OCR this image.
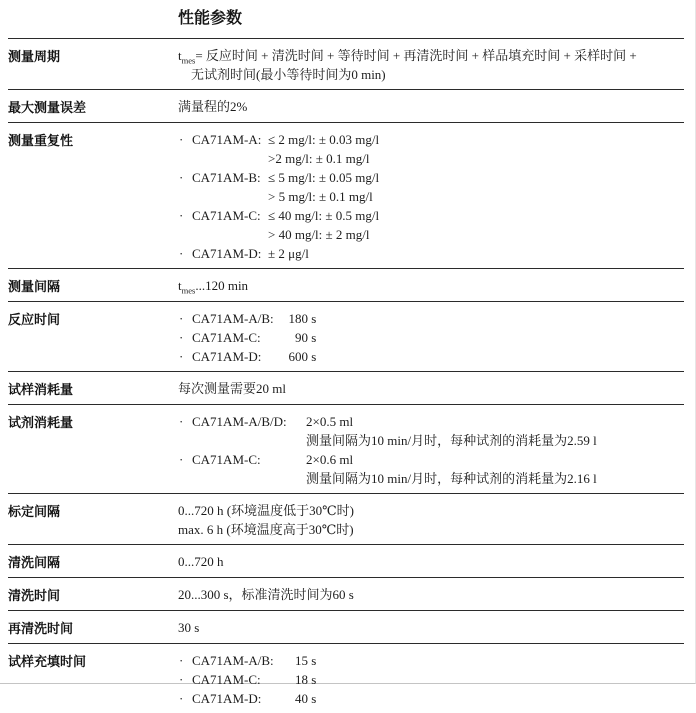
性能参数
测量周期	$t_{mes}=$ 反应时间 + 清洗时间 + 等待时间 + 再清洗时间 + 样品填充时间 + 采样时间 +
无试剂时间(最小等待时间为0 min)
最大测量误差	满量程的2%
测量重复性	· CA71AM-A: ≤ 2 mg/l: ± 0.03 mg/l
>2 mg/l: ± 0.1 mg/l
· CA71AM-B: ≤ 5 mg/l: ± 0.05 mg/l
> 5 mg/l: ± 0.1 mg/l
· CA71AM-C: ≤ 40 mg/l: ± 0.5 mg/l
> 40 mg/l: ± 2 mg/l
· CA71AM-D: ± 2 μg/l
测量间隔	$t_{mes}...120$ min
反应时间	· CA71AM-A/B:	180 s
· CA71AM-C:	90 s
· CA71AM-D:	600 s
试样消耗量	每次测量需要20 ml
试剂消耗量	· CA71AM-A/B/D:	2×0.5 ml
测量间隔为10 min/月时，每种试剂的消耗量为2.59 l
· CA71AM-C:	2×0.6 ml
测量间隔为10 min/月时，每种试剂的消耗量为2.16 l
标定间隔	0...720 h (环境温度低于30℃时)
max. 6 h (环境温度高于30℃时)
清洗间隔	0...720 h
清洗时间	20...300 s，标准清洗时间为60 s
再清洗时间	30 s
试样充填时间	· CA71AM-A/B:	15 s
· CA71AM-C:	18 s
· CA71AM-D:	40 s
